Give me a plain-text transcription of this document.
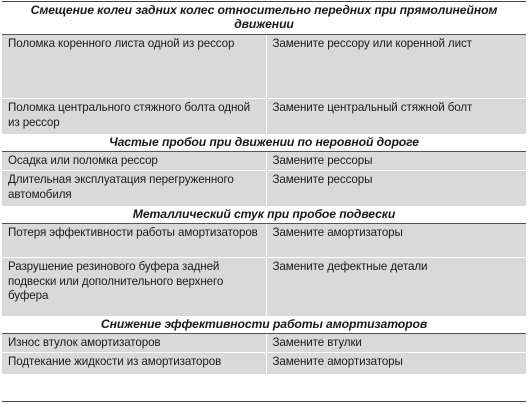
Смещение колеи задних колес относительно передних при прямолинейном движении	
Поломка коренного листа одной из рессор	Замените рессору или коренной лист
Поломка центрального стяжного болта одной из рессор	Замените центральный стяжной болт
Частые пробои при движении по неровной дороге	
Осадка или поломка рессор	Замените рессоры
Длительная эксплуатация перегруженного автомобиля	Замените рессоры
Металлический стук при пробое подвески	
Потеря эффективности работы амортизаторов	Замените амортизаторы
Разрушение резинового буфера задней подвески или дополнительного верхнего буфера	Замените дефектные детали
Снижение эффективности работы амортизаторов	
Износ втулок амортизаторов	Замените втулки
Подтекание жидкости из амортизаторов	Замените амортизаторы
